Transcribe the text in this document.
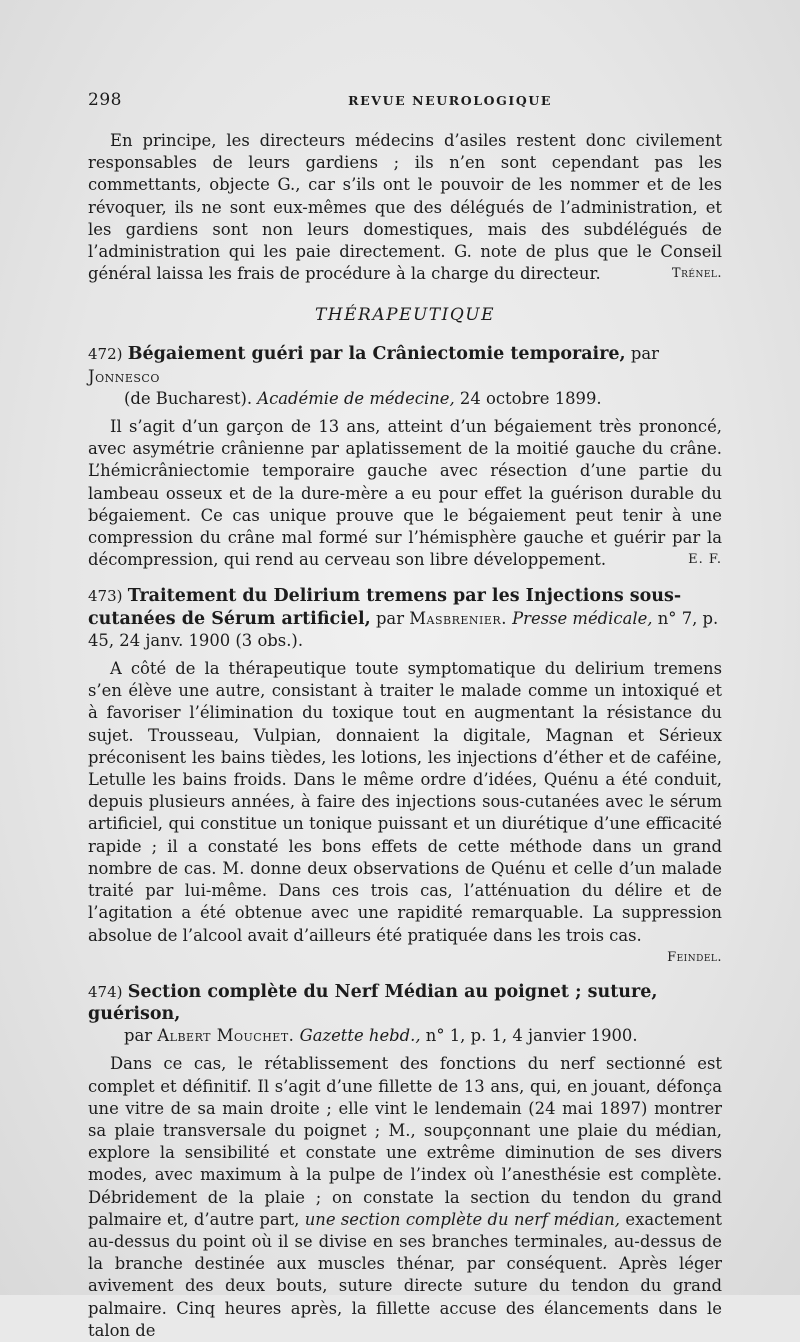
298	REVUE NEUROLOGIQUE

En principe, les directeurs médecins d’asiles restent donc civilement responsables de leurs gardiens ; ils n’en sont cependant pas les commettants, objecte G., car s’ils ont le pouvoir de les nommer et de les révoquer, ils ne sont eux-mêmes que des délégués de l’administration, et les gardiens sont non leurs domestiques, mais des subdélégués de l’administration qui les paie directement. G. note de plus que le Conseil général laissa les frais de procédure à la charge du directeur.	Trénel.
THÉRAPEUTIQUE

472) Bégaiement guéri par la Crâniectomie temporaire, par Jonnesco

(de Bucharest). Académie de médecine, 24 octobre 1899.

Il s’agit d’un garçon de 13 ans, atteint d’un bégaiement très prononcé, avec asymétrie crânienne par aplatissement de la moitié gauche du crâne. L’hémicrâniectomie temporaire gauche avec résection d’une partie du lambeau osseux et de la dure-mère a eu pour effet la guérison durable du bégaiement. Ce cas unique prouve que le bégaiement peut tenir à une compression du crâne mal formé sur l’hémisphère gauche et guérir par la décompression, qui rend au cerveau son libre développement.	E. F.

473) Traitement du Delirium tremens par les Injections sous-cutanées de Sérum artificiel, par Masbrenier. Presse médicale, n° 7, p. 45, 24 janv. 1900 (3 obs.).

A côté de la thérapeutique toute symptomatique du delirium tremens s’en élève une autre, consistant à traiter le malade comme un intoxiqué et à favoriser l’élimination du toxique tout en augmentant la résistance du sujet. Trousseau, Vulpian, donnaient la digitale, Magnan et Sérieux préconisent les bains tièdes, les lotions, les injections d’éther et de caféine, Letulle les bains froids. Dans le même ordre d’idées, Quénu a été conduit, depuis plusieurs années, à faire des injections sous-cutanées avec le sérum artificiel, qui constitue un tonique puissant et un diurétique d’une efficacité rapide ; il a constaté les bons effets de cette méthode dans un grand nombre de cas. M. donne deux observations de Quénu et celle d’un malade traité par lui-même. Dans ces trois cas, l’atténuation du délire et de l’agitation a été obtenue avec une rapidité remarquable. La suppression absolue de l’alcool avait d’ailleurs été pratiquée dans les trois cas.

Feindel.

474) Section complète du Nerf Médian au poignet ; suture, guérison,

par Albert Mouchet. Gazette hebd., n° 1, p. 1, 4 janvier 1900.

Dans ce cas, le rétablissement des fonctions du nerf sectionné est complet et définitif. Il s’agit d’une fillette de 13 ans, qui, en jouant, défonça une vitre de sa main droite ; elle vint le lendemain (24 mai 1897) montrer sa plaie transversale du poignet ; M., soupçonnant une plaie du médian, explore la sensibilité et constate une extrême diminution de ses divers modes, avec maximum à la pulpe de l’index où l’anesthésie est complète. Débridement de la plaie ; on constate la section du tendon du grand palmaire et, d’autre part, une section complète du nerf médian, exactement au-dessus du point où il se divise en ses branches terminales, au-dessus de la branche destinée aux muscles thénar, par conséquent. Après léger avivement des deux bouts, suture directe suture du tendon du grand palmaire. Cinq heures après, la fillette accuse des élancements dans le talon de
